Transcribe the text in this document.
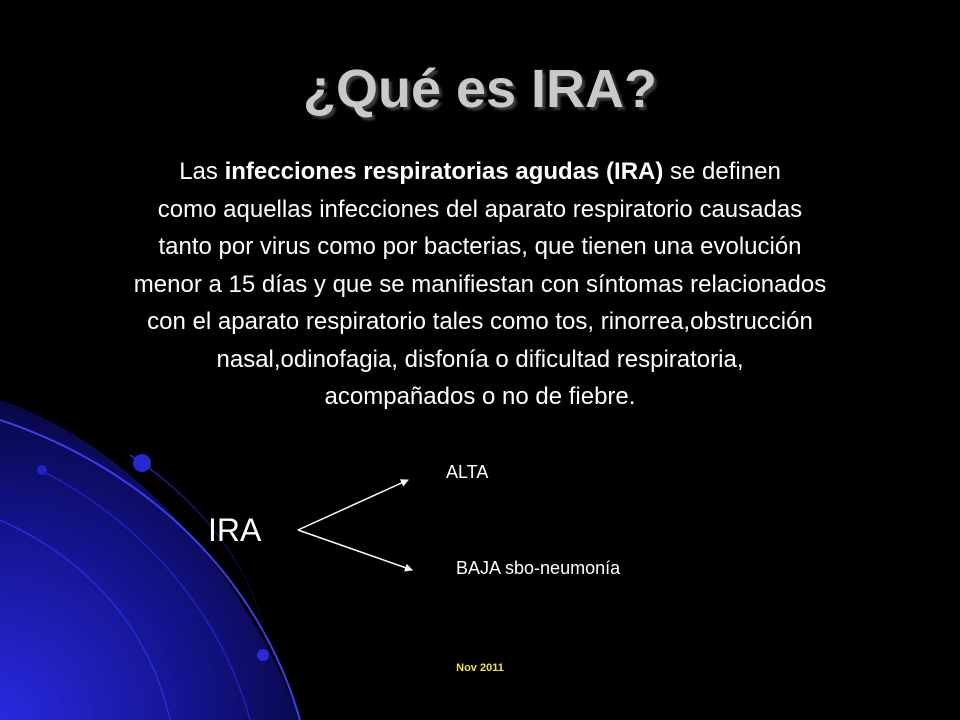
¿Qué es IRA?

Las infecciones respiratorias agudas (IRA) se definen
como aquellas infecciones del aparato respiratorio causadas
tanto por virus como por bacterias, que tienen una evolución
menor a 15 días y que se manifiestan con síntomas relacionados
con el aparato respiratorio tales como tos, rinorrea,obstrucción
nasal,odinofagia, disfonía o dificultad respiratoria,
acompañados o no de fiebre.

IRA
ALTA
BAJA sbo-neumonía
Nov 2011
